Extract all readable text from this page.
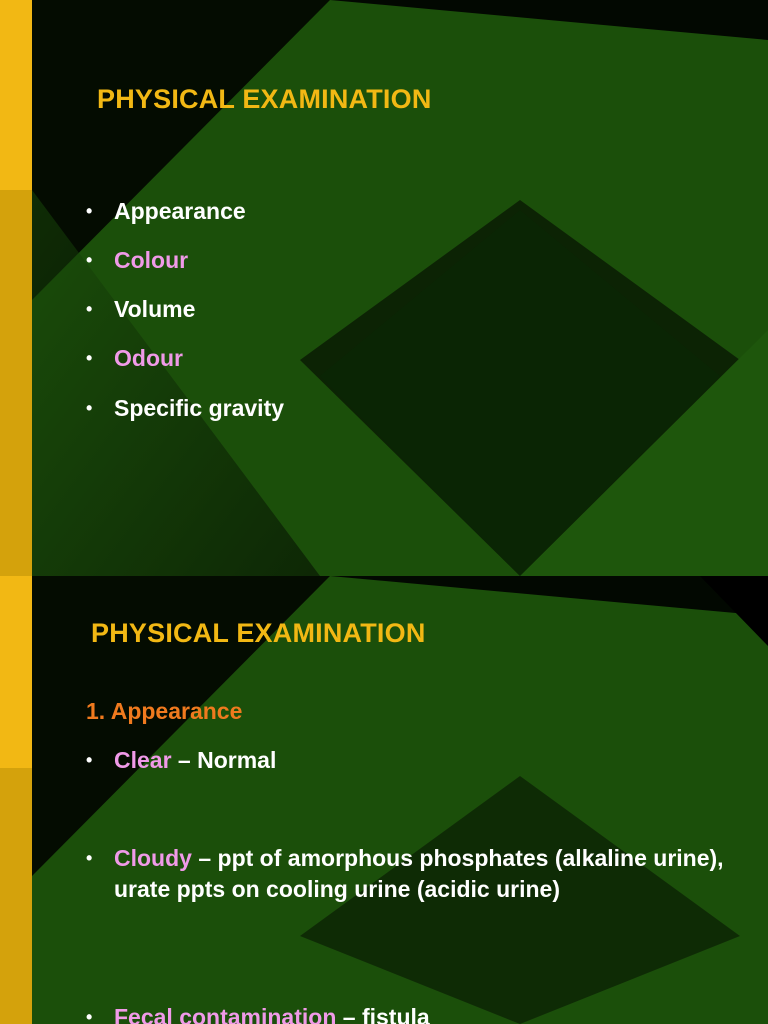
PHYSICAL EXAMINATION
• Appearance
• Colour
• Volume
• Odour
• Specific gravity
PHYSICAL EXAMINATION
1. Appearance
• Clear – Normal
• Cloudy – ppt of amorphous phosphates (alkaline urine), urate ppts on cooling urine (acidic urine)
• Fecal contamination – fistula
